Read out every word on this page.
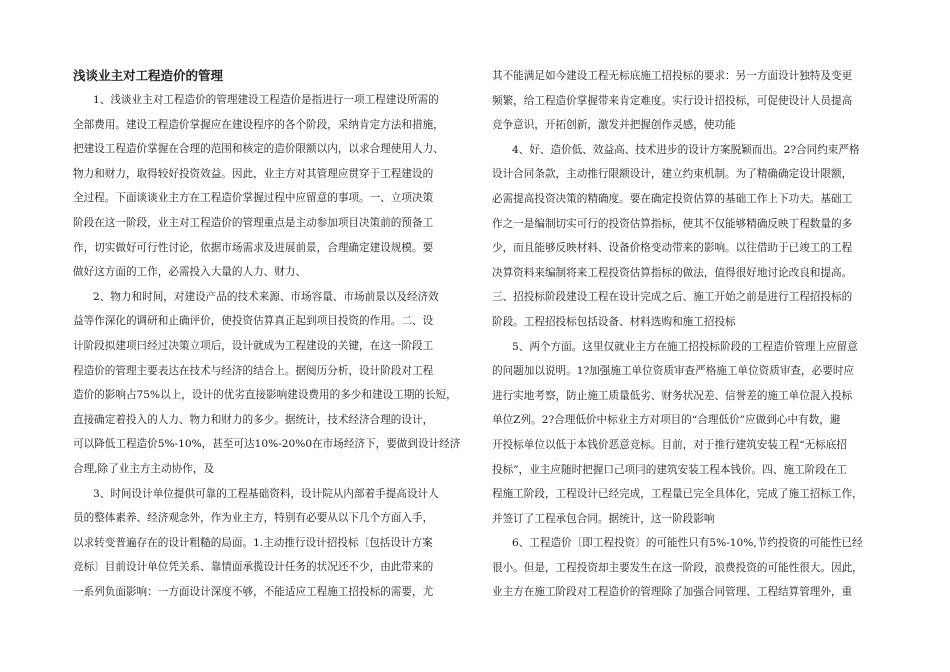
浅谈业主对工程造价的管理

1、浅谈业主对工程造价的管理建设工程造价是指进行一项工程建设所需的

全部费用。建设工程造价掌握应在建设程序的各个阶段，采纳肯定方法和措施，

把建设工程造价掌握在合理的范围和核定的造价限额以内，以求合理使用人力、

物力和财力，取得较好投资效益。因此，业主方对其管理应贯穿于工程建设的

全过程。下面谈谈业主方在工程造价掌握过程中应留意的事项。一、立项决策

阶段在这一阶段，业主对工程造价的管理重点是主动参加项目决策前的预备工

作，切实做好可行性讨论，依据市场需求及进展前景，合理确定建设规模。要

做好这方面的工作，必需投入大量的人力、财力、

2、物力和时间，对建设产品的技术来源、市场容量、市场前景以及经济效

益等作深化的调研和止确评价，使投资估算真正起到项目投资的作用。二、设

计阶段拟建项曰经过决策立项后，设计就成为工程建设的关键，在这一阶段工

程造价的管理主要表达在技术与经济的结合上。据阅历分析，设计阶段对工程

造价的影响占75%以上，设计的优劣直接影响建设费用的多少和建设工期的长短，

直接确定着投入的人力、物力和财力的多少。据统计，技术经济合理的设计，

可以降低工程造价5%-10%，甚至可达10%-20%0在市场经济下，要做到设计经济

合理,除了业主方主动协作，及

3、时间设计单位提供可靠的工程基础资料，设计院从内部着手提高设计人

员的整体素养、经济观念外，作为业主方，特别有必要从以下几个方面入手，

以求转变普遍存在的设计粗糙的局面。1.主动推行设计招投标〔包括设计方案

竞标〕目前设计单位凭关系、靠情面承揽设计任务的状况还不少，由此带来的

一系列负面影响：一方面设计深度不够，不能适应工程施工招投标的需要，尤

其不能满足如今建设工程无标底施工招投标的要求：另一方面设计独特及变更

频繁，给工程造价掌握带来肯定难度。实行设计招投标，可促使设计人员提高

竞争意识，开拓创新，激发并把握创作灵感，使功能

4、好、造价低、效益高、技术进步的设计方案脱颖而出。2?合同约束严格

设计合同条款，主动推行限额设计，建立约束机制。为了精确确定设计限额，

必需提高投资决策的精确度。要在确定投资估算的基础工作上下功夫。基础工

作之一是编制切实可行的投资估算指标，使其不仅能够精确反映丁程数量的多

少，而且能够反映材料、设备价格变动带来的影响。以往借助于已竣工的工程

决算资料来编制将来工程投资估算指标的做法，值得很好地讨论改良和提高。

三、招投标阶段建设工程在设计完成之后、施工开始之前是进行工程招投标的

阶段。工程招投标包括设备、材料选购和施工招投标

5、两个方面。这里仅就业主方在施工招投标阶段的工程造价管理上应留意

的问题加以说明。1?加强施工单位资质审查严格施工单位资质审查，必要时应

进行实地考察，防止施工质量低劣、财务状况差、信誉差的施工单位混入投标

单位Z列。2?合理低价中标业主方对项目的“合理低价”应做到心中有数，避

开投标单位以低于本钱价恶意竞标。目前，对于推行建筑安装工程“无标底招

投标”，业主应随时把握口己项冃的建筑安装工程本钱价。四、施工阶段在工

程施工阶段，工程设计已经完成，工程量已完全具体化，完成了施工招标工作，

并签订了工程承包合同。据统计，这一阶段影响

6、工程造价〔即工程投资〕的可能性只有5%-10%,节约投资的可能性已经

很小。但是，工程投资却主要发生在这一阶段，浪费投资的可能性很大。因此，

业主方在施工阶段对工程造价的管理除了加强合同管理、工程结算管理外，重
